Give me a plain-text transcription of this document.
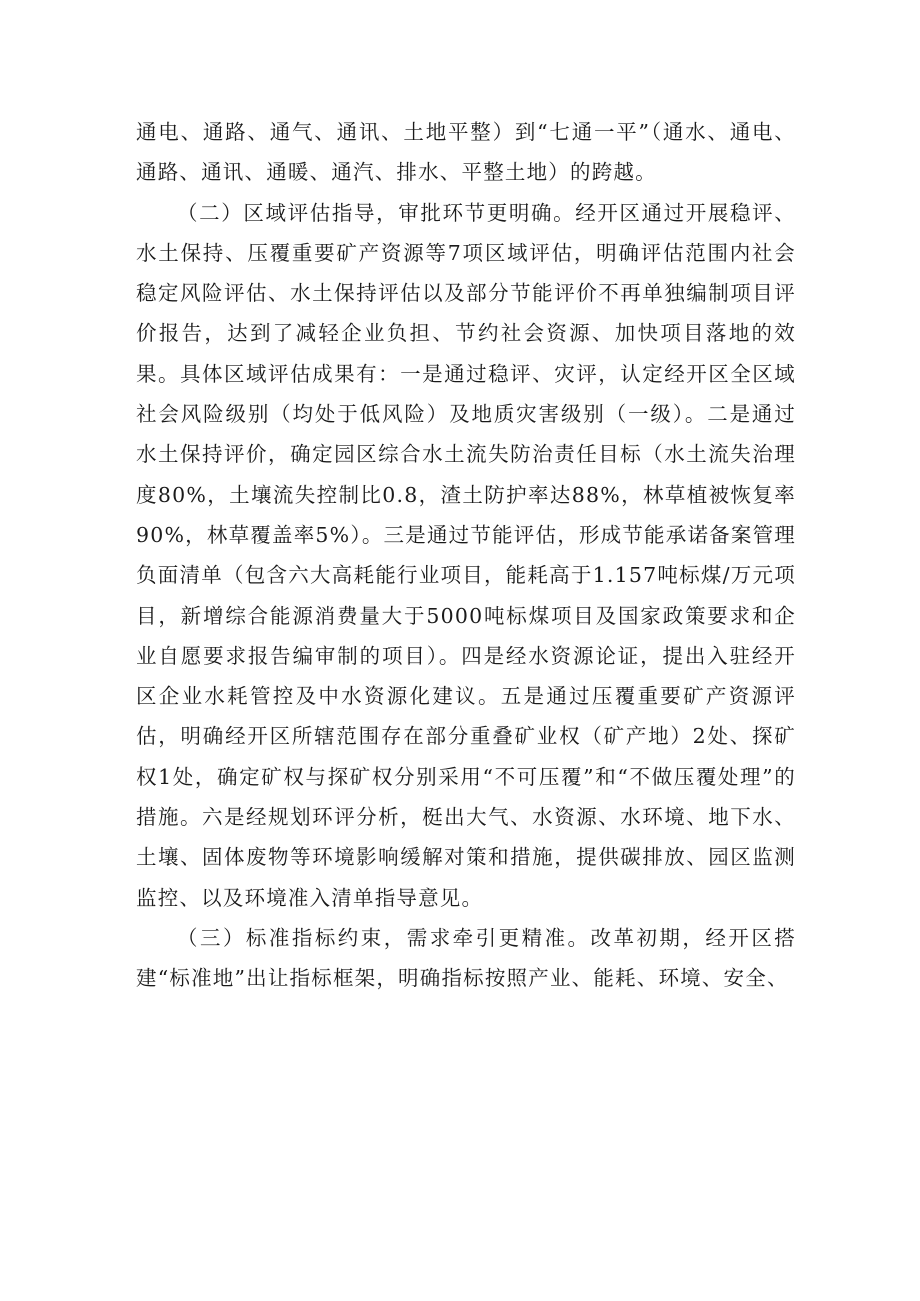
通电、通路、通气、通讯、土地平整）到“七通一平”（通水、通电、通路、通讯、通暖、通汽、排水、平整土地）的跨越。

（二）区域评估指导，审批环节更明确。经开区通过开展稳评、水土保持、压覆重要矿产资源等7项区域评估，明确评估范围内社会稳定风险评估、水土保持评估以及部分节能评价不再单独编制项目评价报告，达到了减轻企业负担、节约社会资源、加快项目落地的效果。具体区域评估成果有：一是通过稳评、灾评，认定经开区全区域社会风险级别（均处于低风险）及地质灾害级别（一级）。二是通过水土保持评价，确定园区综合水土流失防治责任目标（水土流失治理度80%，土壤流失控制比0.8，渣土防护率达88%，林草植被恢复率90%，林草覆盖率5%）。三是通过节能评估，形成节能承诺备案管理负面清单（包含六大高耗能行业项目，能耗高于1.157吨标煤/万元项目，新增综合能源消费量大于5000吨标煤项目及国家政策要求和企业自愿要求报告编审制的项目）。四是经水资源论证，提出入驻经开区企业水耗管控及中水资源化建议。五是通过压覆重要矿产资源评估，明确经开区所辖范围存在部分重叠矿业权（矿产地）2处、探矿权1处，确定矿权与探矿权分别采用“不可压覆”和“不做压覆处理”的措施。六是经规划环评分析，梃出大气、水资源、水环境、地下水、土壤、固体废物等环境影响缓解对策和措施，提供碳排放、园区监测监控、以及环境准入清单指导意见。

（三）标准指标约束，需求牵引更精准。改革初期，经开区搭建“标准地”出让指标框架，明确指标按照产业、能耗、环境、安全、
